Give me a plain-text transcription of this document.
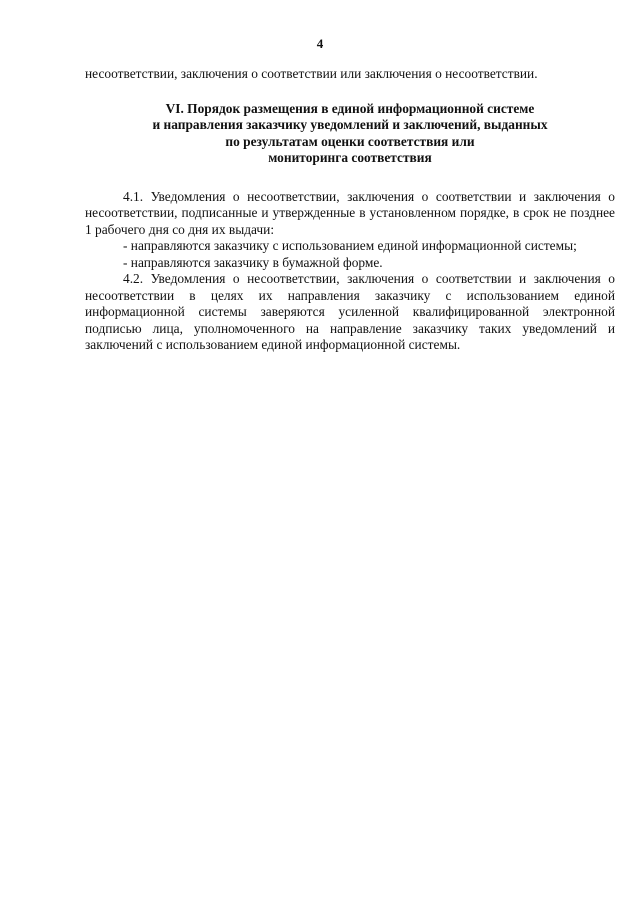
4

несоответствии, заключения о соответствии или заключения о несоответствии.

VI. Порядок размещения в единой информационной системе
и направления заказчику уведомлений и заключений, выданных
по результатам оценки соответствия или
мониторинга соответствия

4.1. Уведомления о несоответствии, заключения о соответствии и заключения о несоответствии, подписанные и утвержденные в установленном порядке, в срок не позднее 1 рабочего дня со дня их выдачи:

- направляются заказчику с использованием единой информационной системы;

- направляются заказчику в бумажной форме.

4.2. Уведомления о несоответствии, заключения о соответствии и заключения о несоответствии в целях их направления заказчику с использованием единой информационной системы заверяются усиленной квалифицированной электронной подписью лица, уполномоченного на направление заказчику таких уведомлений и заключений с использованием единой информационной системы.
